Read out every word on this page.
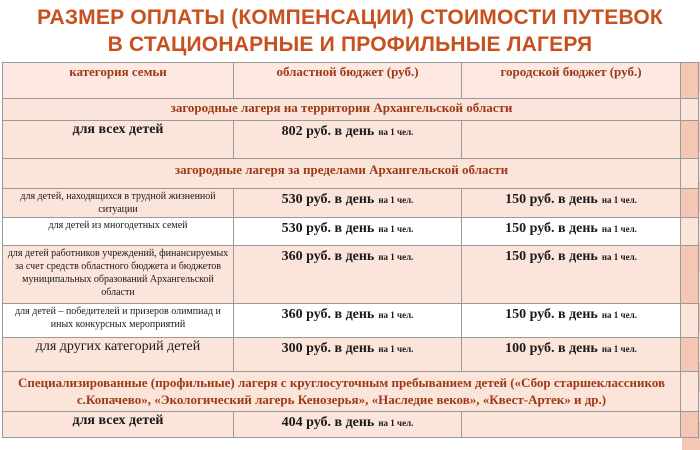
РАЗМЕР ОПЛАТЫ (КОМПЕНСАЦИИ) СТОИМОСТИ ПУТЕВОК
В СТАЦИОНАРНЫЕ И ПРОФИЛЬНЫЕ ЛАГЕРЯ
категория семьи	областной бюджет (руб.)	городской бюджет (руб.)	

загородные лагеря на территории Архангельской области			

для всех детей	802 руб. в день на 1 чел.		

загородные лагеря за пределами Архангельской области			

для детей, находящихся в трудной жизненной ситуации	530 руб. в день на 1 чел.	150 руб. в день на 1 чел.	

для детей из многодетных семей	530 руб. в день на 1 чел.	150 руб. в день на 1 чел.	

для детей работников учреждений, финансируемых за счет средств областного бюджета и бюджетов муниципальных образований Архангельской области	360 руб. в день на 1 чел.	150 руб. в день на 1 чел.	

для детей – победителей и призеров олимпиад и иных конкурсных мероприятий	360 руб. в день на 1 чел.	150 руб. в день на 1 чел.	

для других категорий детей	300 руб. в день на 1 чел.	100 руб. в день на 1 чел.	

Специализированные (профильные) лагеря с круглосуточным пребыванием детей («Сбор старшеклассников с.Копачево», «Экологический лагерь Кенозерья», «Наследие веков», «Квест-Артек» и др.)			

для всех детей	404 руб. в день на 1 чел.		
